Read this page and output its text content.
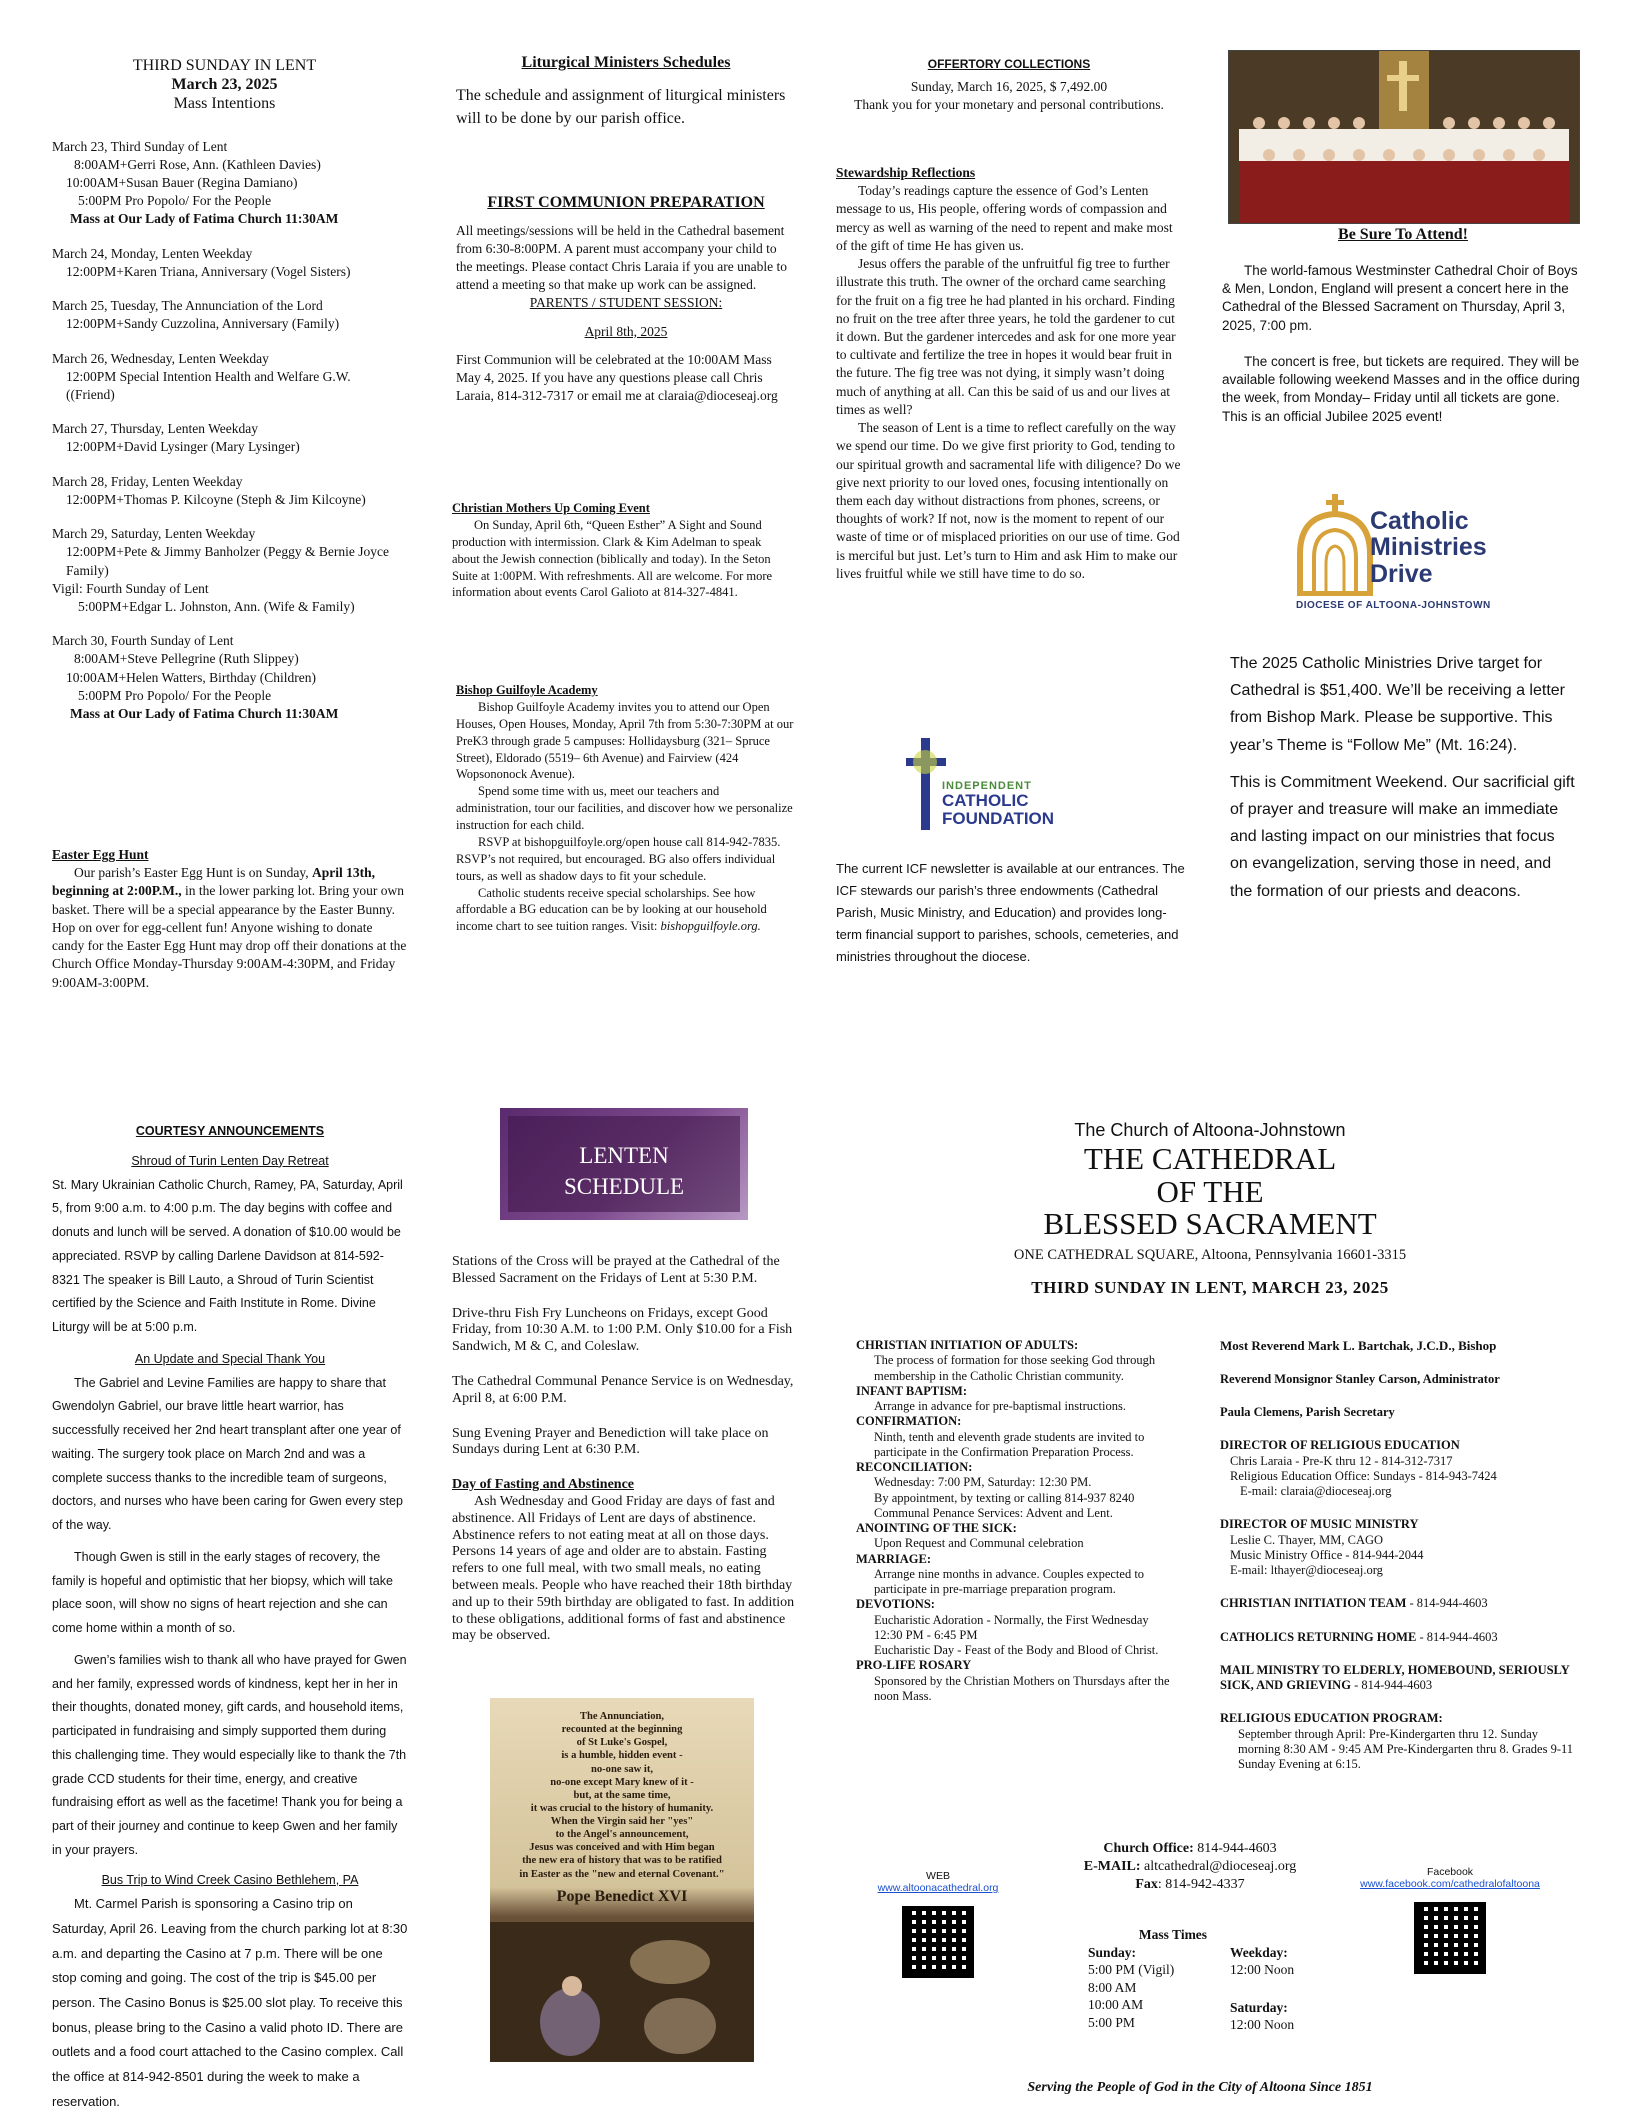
THIRD SUNDAY IN LENT
March 23, 2025
Mass Intentions
March 23, Third Sunday of Lent
8:00AM+Gerri Rose, Ann. (Kathleen Davies)
10:00AM+Susan Bauer (Regina Damiano)
5:00PM Pro Popolo/ For the People
Mass at Our Lady of Fatima Church 11:30AM
March 24, Monday, Lenten Weekday
12:00PM+Karen Triana, Anniversary (Vogel Sisters)
March 25, Tuesday, The Annunciation of the Lord
12:00PM+Sandy Cuzzolina, Anniversary (Family)
March 26, Wednesday, Lenten Weekday
12:00PM Special Intention Health and Welfare G.W. ((Friend)
March 27, Thursday, Lenten Weekday
12:00PM+David Lysinger (Mary Lysinger)
March 28, Friday, Lenten Weekday
12:00PM+Thomas P. Kilcoyne (Steph & Jim Kilcoyne)
March 29, Saturday, Lenten Weekday
12:00PM+Pete & Jimmy Banholzer (Peggy & Bernie Joyce Family)
Vigil: Fourth Sunday of Lent
5:00PM+Edgar L. Johnston, Ann. (Wife & Family)
March 30, Fourth Sunday of Lent
8:00AM+Steve Pellegrine (Ruth Slippey)
10:00AM+Helen Watters, Birthday (Children)
5:00PM Pro Popolo/ For the People
Mass at Our Lady of Fatima Church 11:30AM
Easter Egg Hunt

Our parish’s Easter Egg Hunt is on Sunday, April 13th, beginning at 2:00P.M., in the lower parking lot. Bring your own basket. There will be a special appearance by the Easter Bunny. Hop on over for egg-cellent fun! Anyone wishing to donate candy for the Easter Egg Hunt may drop off their donations at the Church Office Monday-Thursday 9:00AM-4:30PM, and Friday 9:00AM-3:00PM.

Liturgical Ministers Schedules

The schedule and assignment of liturgical ministers will to be done by our parish office.

FIRST COMMUNION PREPARATION

All meetings/sessions will be held in the Cathedral basement from 6:30-8:00PM. A parent must accompany your child to the meetings. Please contact Chris Laraia if you are unable to attend a meeting so that make up work can be assigned.

PARENTS / STUDENT SESSION:
April 8th, 2025

First Communion will be celebrated at the 10:00AM Mass May 4, 2025. If you have any questions please call Chris Laraia, 814-312-7317 or email me at claraia@dioceseaj.org

Christian Mothers Up Coming Event

On Sunday, April 6th, “Queen Esther” A Sight and Sound production with intermission. Clark & Kim Adelman to speak about the Jewish connection (biblically and today). In the Seton Suite at 1:00PM. With refreshments. All are welcome. For more information about events Carol Galioto at 814-327-4841.

Bishop Guilfoyle Academy

Bishop Guilfoyle Academy invites you to attend our Open Houses, Open Houses, Monday, April 7th from 5:30-7:30PM at our PreK3 through grade 5 campuses: Hollidaysburg (321– Spruce Street), Eldorado (5519– 6th Avenue) and Fairview (424 Wopsononock Avenue).

Spend some time with us, meet our teachers and administration, tour our facilities, and discover how we personalize instruction for each child.

RSVP at bishopguilfoyle.org/open house call 814-942-7835. RSVP’s not required, but encouraged. BG also offers individual tours, as well as shadow days to fit your schedule.

Catholic students receive special scholarships. See how affordable a BG education can be by looking at our household income chart to see tuition ranges. Visit: bishopguilfoyle.org.

OFFERTORY COLLECTIONS
Sunday, March 16, 2025, $ 7,492.00
Thank you for your monetary and personal contributions.
Stewardship Reflections

Today’s readings capture the essence of God’s Lenten message to us, His people, offering words of compassion and mercy as well as warning of the need to repent and make most of the gift of time He has given us.

Jesus offers the parable of the unfruitful fig tree to further illustrate this truth. The owner of the orchard came searching for the fruit on a fig tree he had planted in his orchard. Finding no fruit on the tree after three years, he told the gardener to cut it down. But the gardener intercedes and ask for one more year to cultivate and fertilize the tree in hopes it would bear fruit in the future. The fig tree was not dying, it simply wasn’t doing much of anything at all. Can this be said of us and our lives at times as well?

The season of Lent is a time to reflect carefully on the way we spend our time. Do we give first priority to God, tending to our spiritual growth and sacramental life with diligence? Do we give next priority to our loved ones, focusing intentionally on them each day without distractions from phones, screens, or thoughts of work? If not, now is the moment to repent of our waste of time or of misplaced priorities on our use of time. God is merciful but just. Let’s turn to Him and ask Him to make our lives fruitful while we still have time to do so.

INDEPENDENT
CATHOLIC
FOUNDATION

The current ICF newsletter is available at our entrances. The ICF stewards our parish’s three endowments (Cathedral Parish, Music Ministry, and Education) and provides long-term financial support to parishes, schools, cemeteries, and ministries throughout the diocese.

Be Sure To Attend!

The world-famous Westminster Cathedral Choir of Boys & Men, London, England will present a concert here in the Cathedral of the Blessed Sacrament on Thursday, April 3, 2025, 7:00 pm.

The concert is free, but tickets are required. They will be available following weekend Masses and in the office during the week, from Monday– Friday until all tickets are gone. This is an official Jubilee 2025 event!

Catholic
Ministries
Drive
DIOCESE OF ALTOONA-JOHNSTOWN

The 2025 Catholic Ministries Drive target for Cathedral is $51,400. We’ll be receiving a letter from Bishop Mark. Please be supportive. This year’s Theme is “Follow Me” (Mt. 16:24).

This is Commitment Weekend. Our sacrificial gift of prayer and treasure will make an immediate and lasting impact on our ministries that focus on evangelization, serving those in need, and the formation of our priests and deacons.

COURTESY ANNOUNCEMENTS
Shroud of Turin Lenten Day Retreat

St. Mary Ukrainian Catholic Church, Ramey, PA, Saturday, April 5, from 9:00 a.m. to 4:00 p.m. The day begins with coffee and donuts and lunch will be served. A donation of $10.00 would be appreciated. RSVP by calling Darlene Davidson at 814-592-8321 The speaker is Bill Lauto, a Shroud of Turin Scientist certified by the Science and Faith Institute in Rome. Divine Liturgy will be at 5:00 p.m.

An Update and Special Thank You

The Gabriel and Levine Families are happy to share that Gwendolyn Gabriel, our brave little heart warrior, has successfully received her 2nd heart transplant after one year of waiting. The surgery took place on March 2nd and was a complete success thanks to the incredible team of surgeons, doctors, and nurses who have been caring for Gwen every step of the way.

Though Gwen is still in the early stages of recovery, the family is hopeful and optimistic that her biopsy, which will take place soon, will show no signs of heart rejection and she can come home within a month of so.

Gwen’s families wish to thank all who have prayed for Gwen and her family, expressed words of kindness, kept her in her in their thoughts, donated money, gift cards, and household items, participated in fundraising and simply supported them during this challenging time. They would especially like to thank the 7th grade CCD students for their time, energy, and creative fundraising effort as well as the facetime! Thank you for being a part of their journey and continue to keep Gwen and her family in your prayers.

Bus Trip to Wind Creek Casino Bethlehem, PA

Mt. Carmel Parish is sponsoring a Casino trip on Saturday, April 26. Leaving from the church parking lot at 8:30 a.m. and departing the Casino at 7 p.m. There will be one stop coming and going. The cost of the trip is $45.00 per person. The Casino Bonus is $25.00 slot play. To receive this bonus, please bring to the Casino a valid photo ID. There are outlets and a food court attached to the Casino complex. Call the office at 814-942-8501 during the week to make a reservation.

LENTEN
SCHEDULE

Stations of the Cross will be prayed at the Cathedral of the Blessed Sacrament on the Fridays of Lent at 5:30 P.M.

Drive-thru Fish Fry Luncheons on Fridays, except Good Friday, from 10:30 A.M. to 1:00 P.M. Only $10.00 for a Fish Sandwich, M & C, and Coleslaw.

The Cathedral Communal Penance Service is on Wednesday, April 8, at 6:00 P.M.

Sung Evening Prayer and Benediction will take place on Sundays during Lent at 6:30 P.M.

Day of Fasting and Abstinence

Ash Wednesday and Good Friday are days of fast and abstinence. All Fridays of Lent are days of abstinence. Abstinence refers to not eating meat at all on those days. Persons 14 years of age and older are to abstain. Fasting refers to one full meal, with two small meals, no eating between meals. People who have reached their 18th birthday and up to their 59th birthday are obligated to fast. In addition to these obligations, additional forms of fast and abstinence may be observed.

The Annunciation,
recounted at the beginning
of St Luke's Gospel,
is a humble, hidden event -
no-one saw it,
no-one except Mary knew of it -
but, at the same time,
it was crucial to the history of humanity.
When the Virgin said her "yes"
to the Angel's announcement,
Jesus was conceived and with Him began
the new era of history that was to be ratified
in Easter as the "new and eternal Covenant."
Pope Benedict XVI
The Church of Altoona-Johnstown
THE CATHEDRAL
OF THE
BLESSED SACRAMENT
ONE CATHEDRAL SQUARE, Altoona, Pennsylvania 16601-3315
THIRD SUNDAY IN LENT, MARCH 23, 2025
CHRISTIAN INITIATION OF ADULTS:
The process of formation for those seeking God through membership in the Catholic Christian community.
INFANT BAPTISM:
Arrange in advance for pre-baptismal instructions.
CONFIRMATION:
Ninth, tenth and eleventh grade students are invited to participate in the Confirmation Preparation Process.
RECONCILIATION:
Wednesday: 7:00 PM, Saturday: 12:30 PM.
By appointment, by texting or calling 814-937 8240 Communal Penance Services: Advent and Lent.
ANOINTING OF THE SICK:
Upon Request and Communal celebration
MARRIAGE:
Arrange nine months in advance. Couples expected to participate in pre-marriage preparation program.
DEVOTIONS:
Eucharistic Adoration - Normally, the First Wednesday 12:30 PM - 6:45 PM
Eucharistic Day - Feast of the Body and Blood of Christ.
PRO-LIFE ROSARY
Sponsored by the Christian Mothers on Thursdays after the noon Mass.
Most Reverend Mark L. Bartchak, J.C.D., Bishop
Reverend Monsignor Stanley Carson, Administrator
Paula Clemens, Parish Secretary
DIRECTOR OF RELIGIOUS EDUCATION
Chris Laraia - Pre-K thru 12 - 814-312-7317
Religious Education Office: Sundays - 814-943-7424
E-mail: claraia@dioceseaj.org
DIRECTOR OF MUSIC MINISTRY
Leslie C. Thayer, MM, CAGO
Music Ministry Office - 814-944-2044
E-mail: lthayer@dioceseaj.org
CHRISTIAN INITIATION TEAM - 814-944-4603
CATHOLICS RETURNING HOME - 814-944-4603
MAIL MINISTRY TO ELDERLY, HOMEBOUND, SERIOUSLY SICK, AND GRIEVING - 814-944-4603
RELIGIOUS EDUCATION PROGRAM:
September through April: Pre-Kindergarten thru 12. Sunday morning 8:30 AM - 9:45 AM Pre-Kindergarten thru 8. Grades 9-11 Sunday Evening at 6:15.
Church Office: 814-944-4603
E-MAIL: altcathedral@dioceseaj.org
Fax: 814-942-4337
WEB
www.altoonacathedral.org
Facebook
www.facebook.com/cathedralofaltoona
Mass Times
Sunday:
5:00 PM (Vigil)
8:00 AM
10:00 AM
5:00 PM
Weekday:
12:00 Noon
Saturday:
12:00 Noon
Serving the People of God in the City of Altoona Since 1851
